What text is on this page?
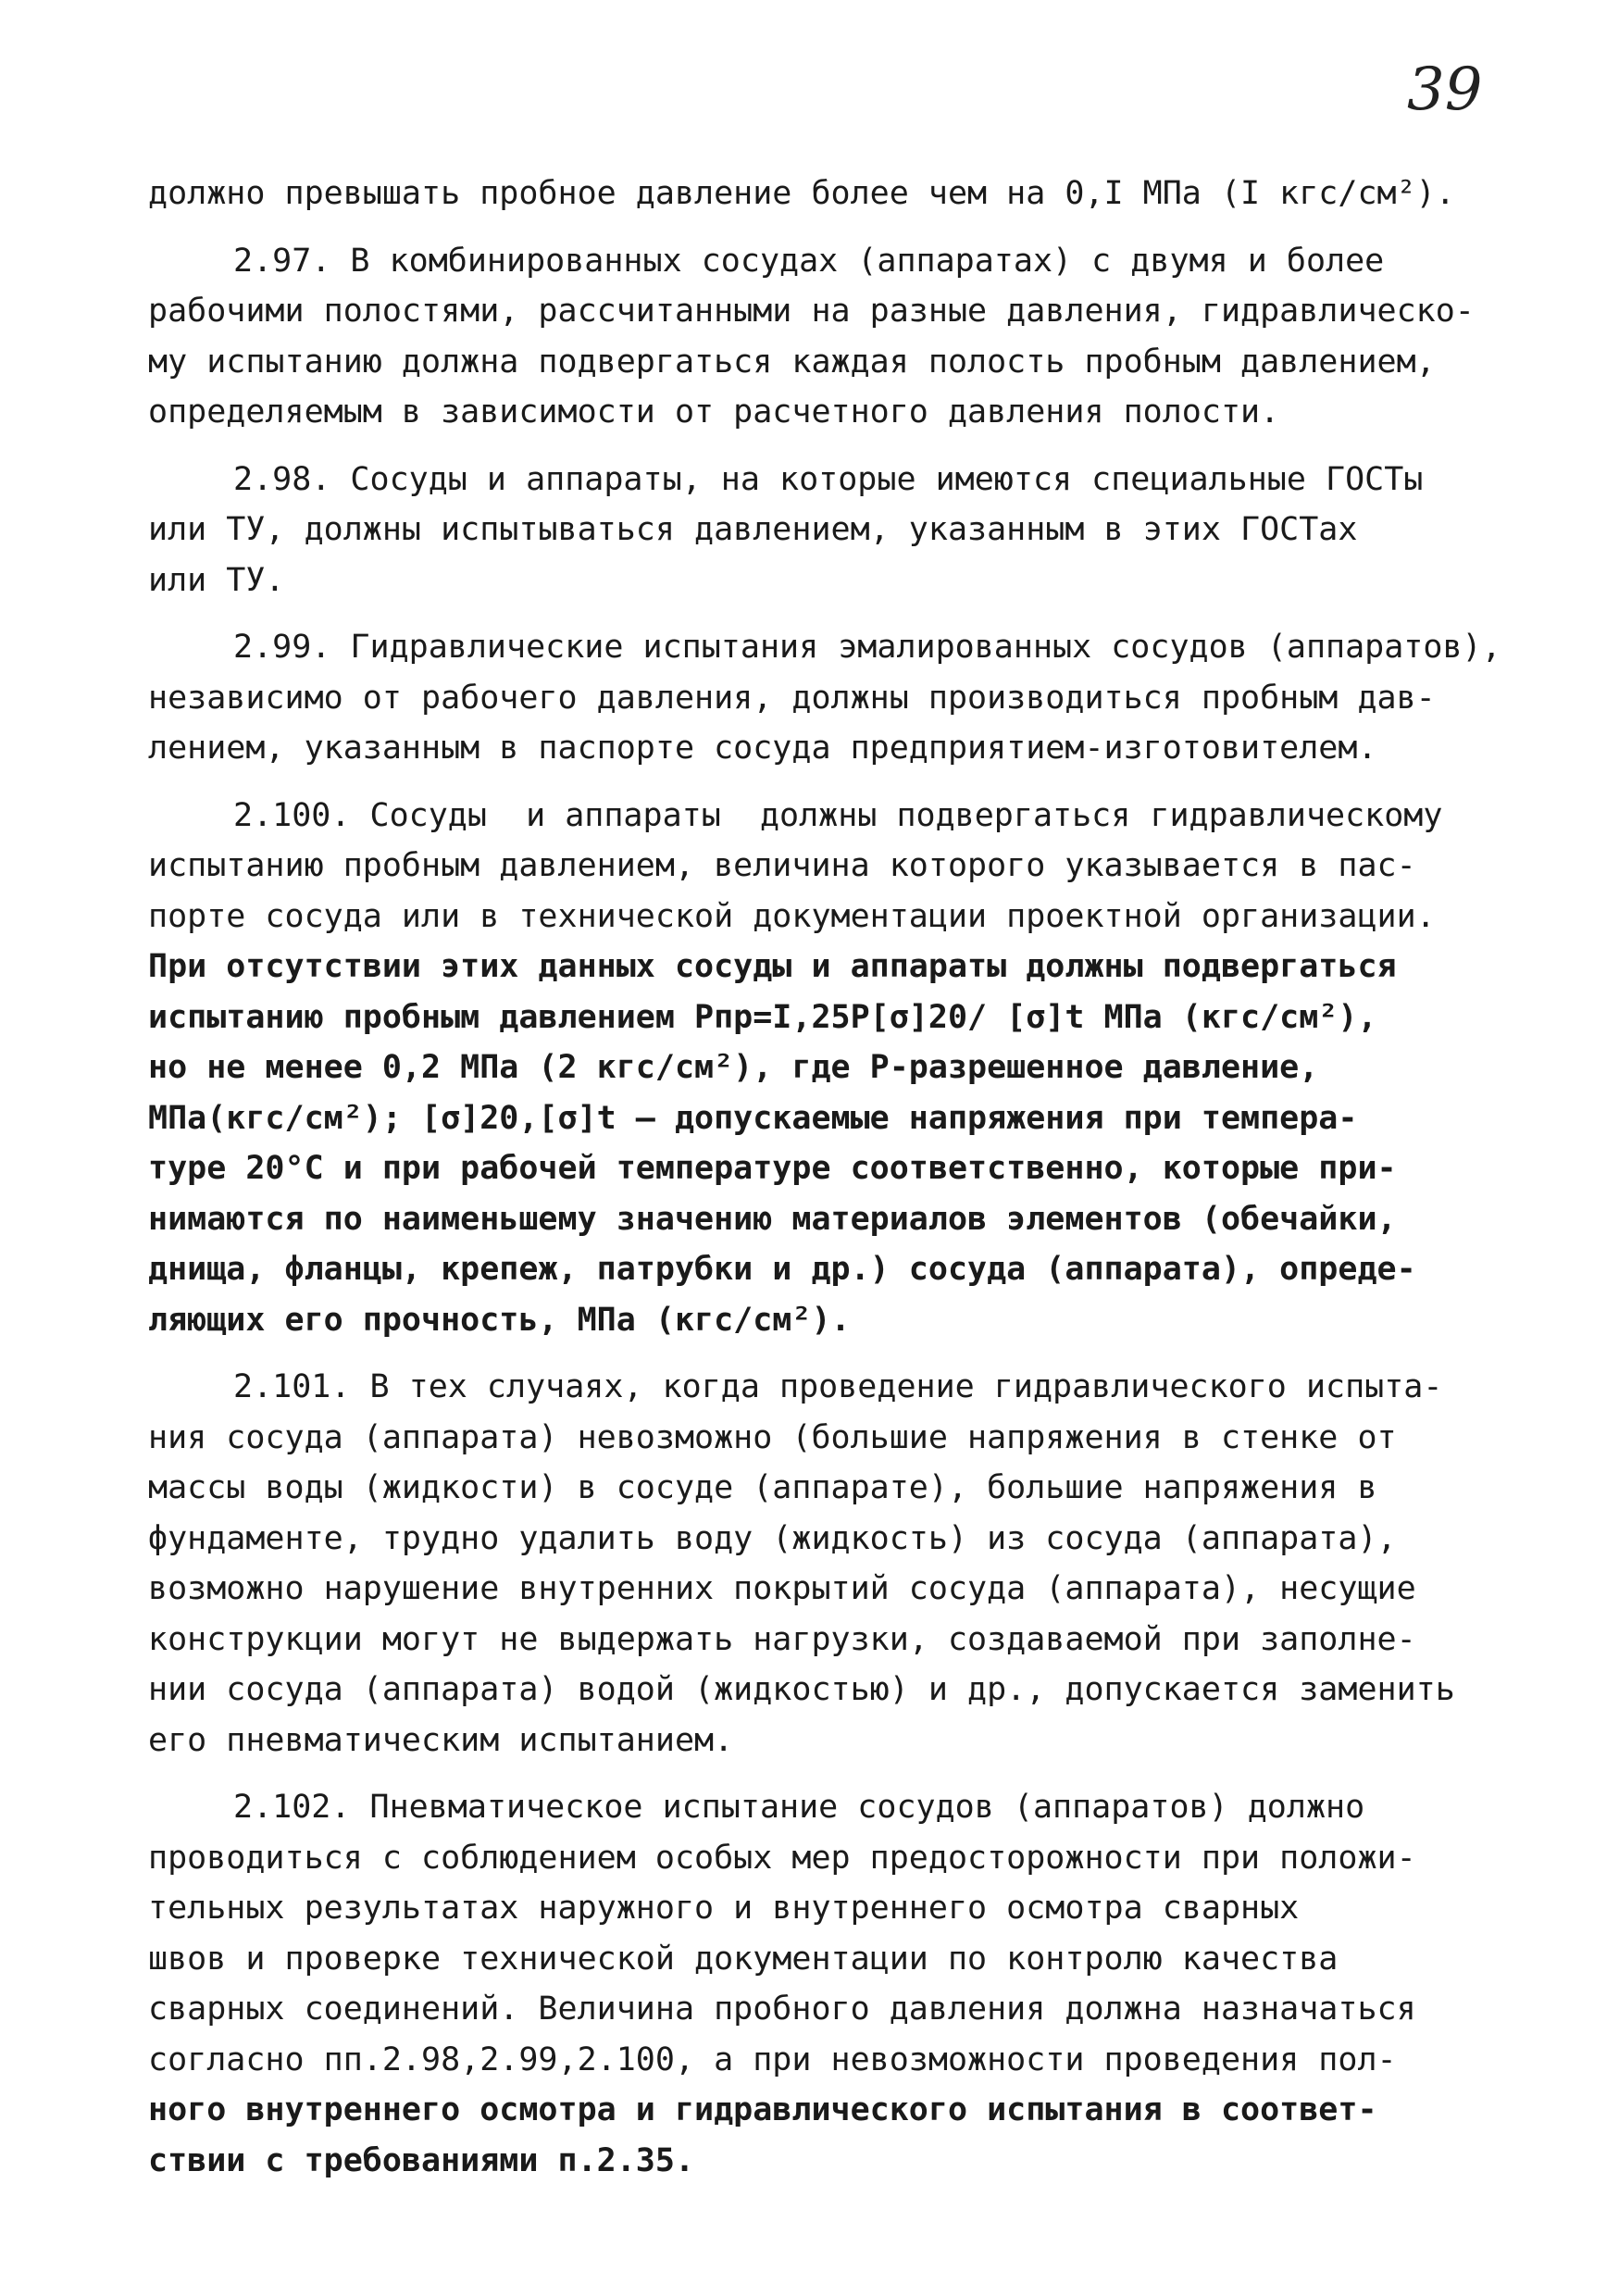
39
должно превышать пробное давление более чем на 0,I МПа (I кгс/см²).
2.97. В комбинированных сосудах (аппаратах) с двумя и более
рабочими полостями, рассчитанными на разные давления, гидравлическо-
му испытанию должна подвергаться каждая полость пробным давлением,
определяемым в зависимости от расчетного давления полости.
2.98. Сосуды и аппараты, на которые имеются специальные ГОСТы
или ТУ, должны испытываться давлением, указанным в этих ГОСТах
или ТУ.
2.99. Гидравлические испытания эмалированных сосудов (аппаратов),
независимо от рабочего давления, должны производиться пробным дав-
лением, указанным в паспорте сосуда предприятием-изготовителем.
2.100. Сосуды  и аппараты  должны подвергаться гидравлическому
испытанию пробным давлением, величина которого указывается в пас-
порте сосуда или в технической документации проектной организации.
При отсутствии этих данных сосуды и аппараты должны подвергаться
испытанию пробным давлением Рпр=I,25Р[σ]20/ [σ]t МПа (кгс/см²),
но не менее 0,2 МПа (2 кгс/см²), где Р-разрешенное давление,
МПа(кгс/см²); [σ]20,[σ]t – допускаемые напряжения при темпера-
туре 20°С и при рабочей температуре соответственно, которые при-
нимаются по наименьшему значению материалов элементов (обечайки,
днища, фланцы, крепеж, патрубки и др.) сосуда (аппарата), опреде-
ляющих его прочность, МПа (кгс/см²).
2.101. В тех случаях, когда проведение гидравлического испыта-
ния сосуда (аппарата) невозможно (большие напряжения в стенке от
массы воды (жидкости) в сосуде (аппарате), большие напряжения в
фундаменте, трудно удалить воду (жидкость) из сосуда (аппарата),
возможно нарушение внутренних покрытий сосуда (аппарата), несущие
конструкции могут не выдержать нагрузки, создаваемой при заполне-
нии сосуда (аппарата) водой (жидкостью) и др., допускается заменить
его пневматическим испытанием.
2.102. Пневматическое испытание сосудов (аппаратов) должно
проводиться с соблюдением особых мер предосторожности при положи-
тельных результатах наружного и внутреннего осмотра сварных
швов и проверке технической документации по контролю качества
сварных соединений. Величина пробного давления должна назначаться
согласно пп.2.98,2.99,2.100, а при невозможности проведения пол-
ного внутреннего осмотра и гидравлического испытания в соответ-
ствии с требованиями п.2.35.
